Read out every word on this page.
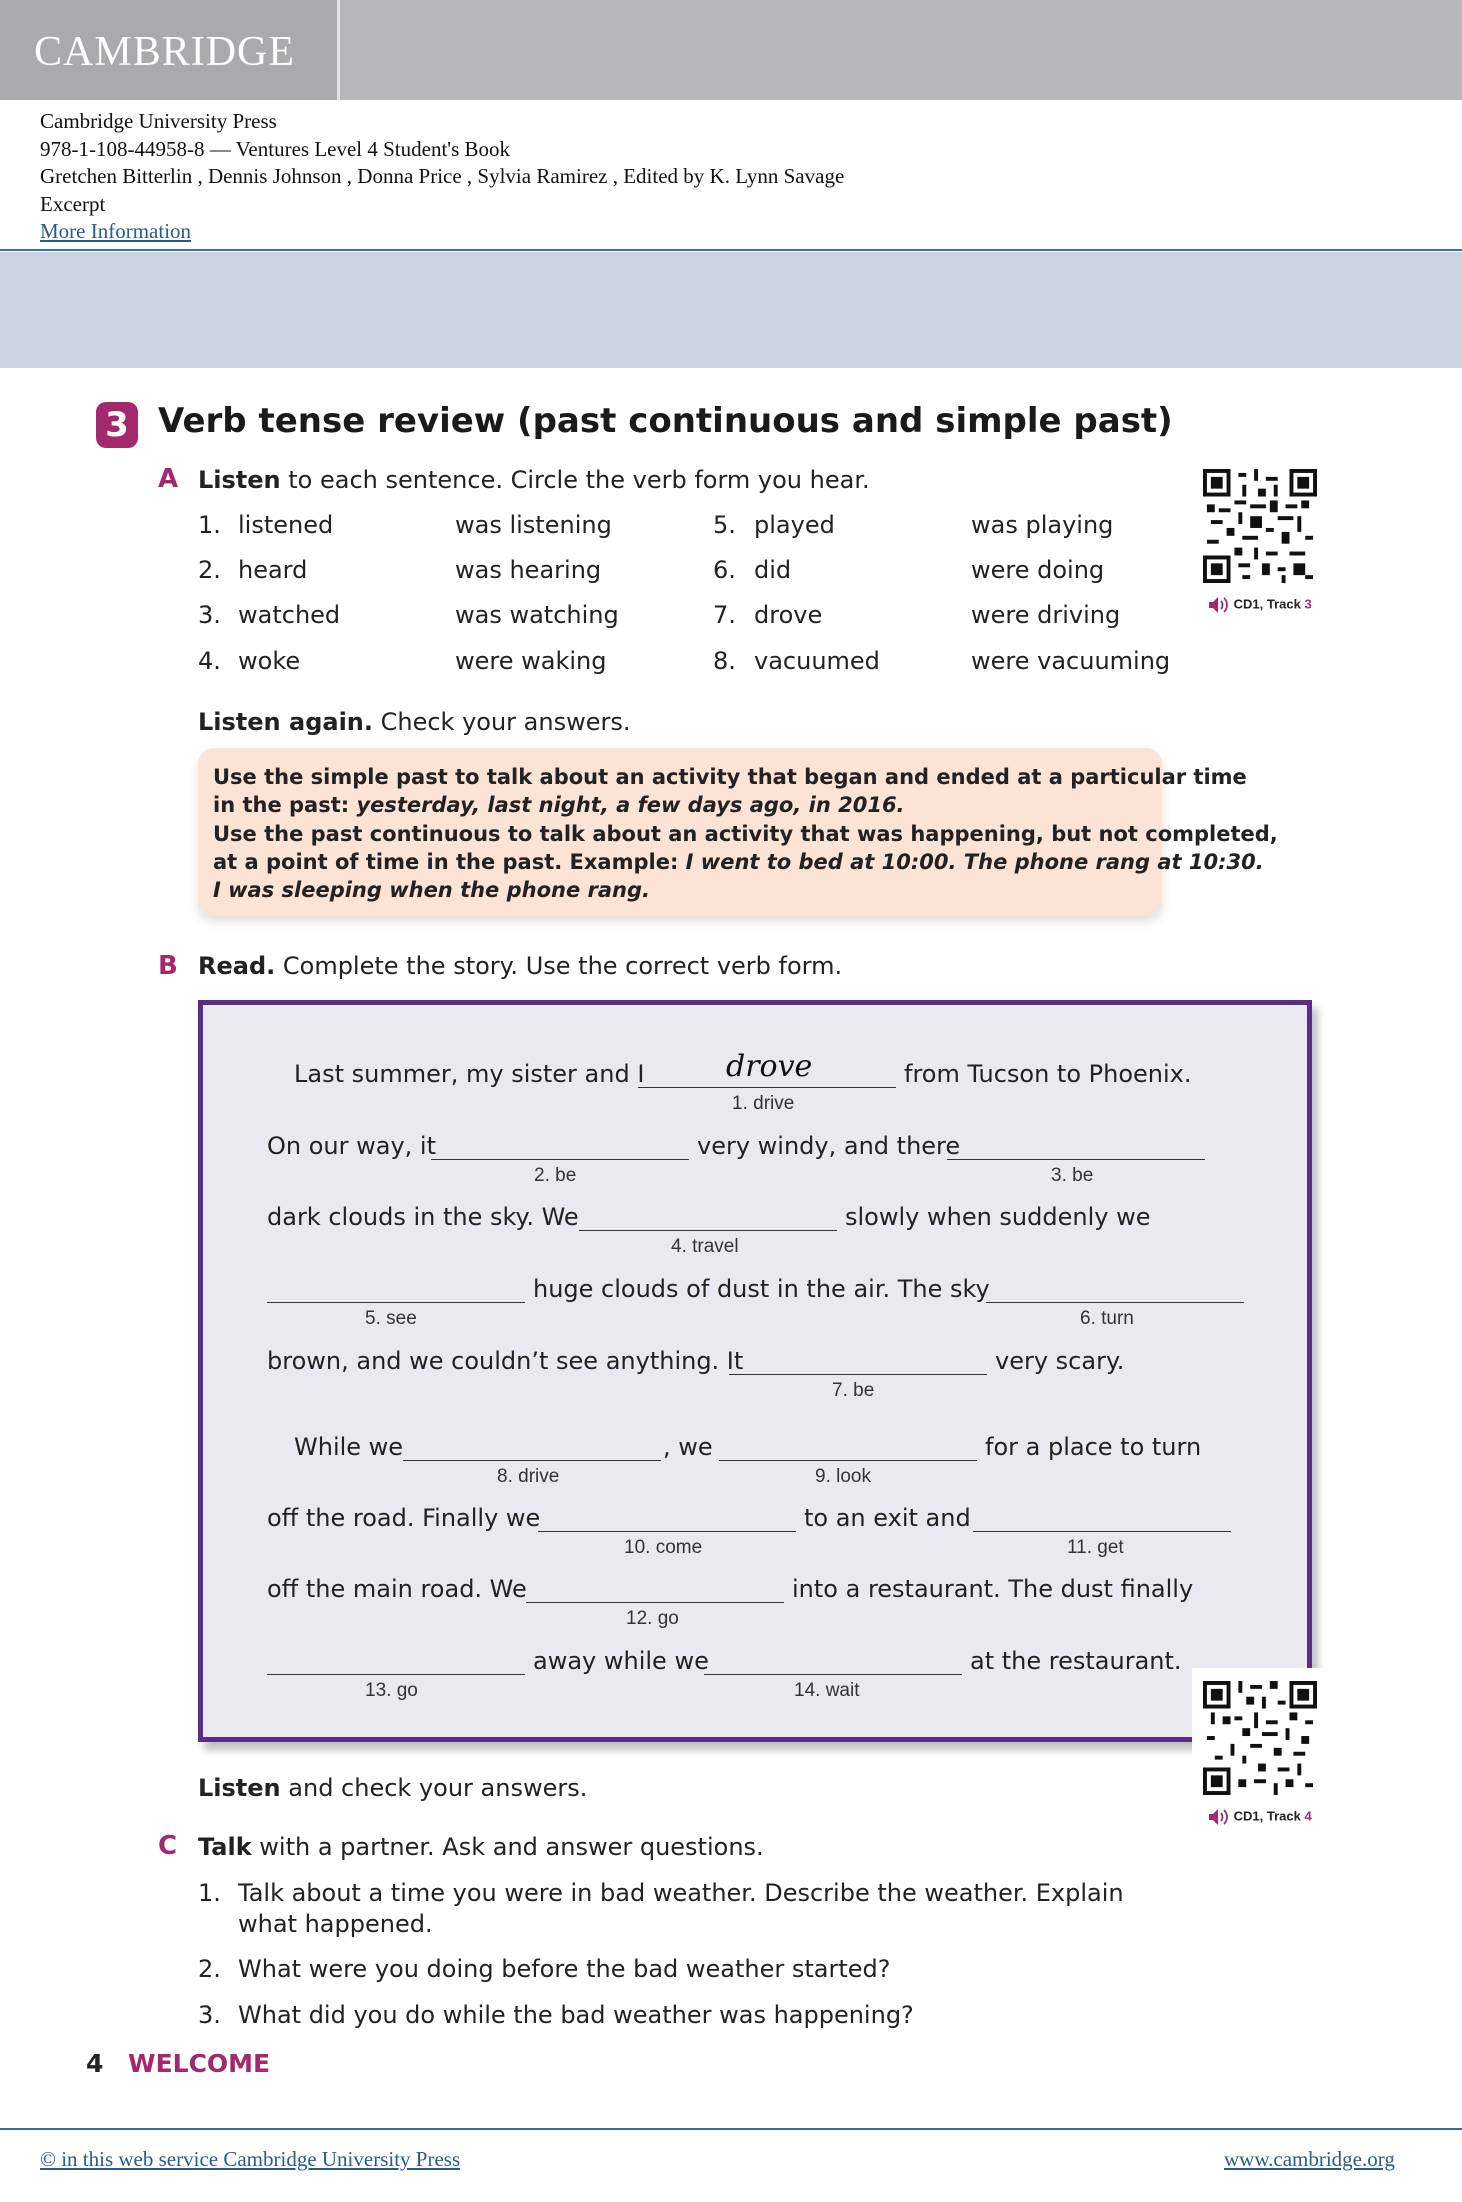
CAMBRIDGE
Cambridge University Press
978-1-108-44958-8 — Ventures Level 4 Student's Book
Gretchen Bitterlin , Dennis Johnson , Donna Price , Sylvia Ramirez , Edited by K. Lynn Savage
Excerpt
More Information
3 Verb tense review (past continuous and simple past)
A Listen to each sentence. Circle the verb form you hear.
1. listened	was listening
2. heard	was hearing
3. watched	was watching
4. woke	were waking
5. played	was playing
6. did	were doing
7. drove	were driving
8. vacuumed	were vacuuming
CD1, Track 3
Listen again. Check your answers.
Use the simple past to talk about an activity that began and ended at a particular time
in the past: yesterday, last night, a few days ago, in 2016.
Use the past continuous to talk about an activity that was happening, but not completed,
at a point of time in the past. Example: I went to bed at 10:00. The phone rang at 10:30.
I was sleeping when the phone rang.
B Read. Complete the story. Use the correct verb form.
Last summer, my sister and I	drove
1. drive
from Tucson to Phoenix.
On our way, it
2. be
very windy, and there
3. be
dark clouds in the sky. We
4. travel
slowly when suddenly we
5. see
huge clouds of dust in the air. The sky
6. turn
brown, and we couldn’t see anything. It
7. be
very scary.
While we
8. drive
, we
9. look
for a place to turn
off the road. Finally we
10. come
to an exit and
11. get
off the main road. We
12. go
into a restaurant. The dust finally
13. go
away while we
14. wait
at the restaurant.
CD1, Track 4
Listen and check your answers.
C Talk with a partner. Ask and answer questions.
1. Talk about a time you were in bad weather. Describe the weather. Explain
what happened.
2. What were you doing before the bad weather started?
3. What did you do while the bad weather was happening?
4 WELCOME
© in this web service Cambridge University Press	www.cambridge.org
